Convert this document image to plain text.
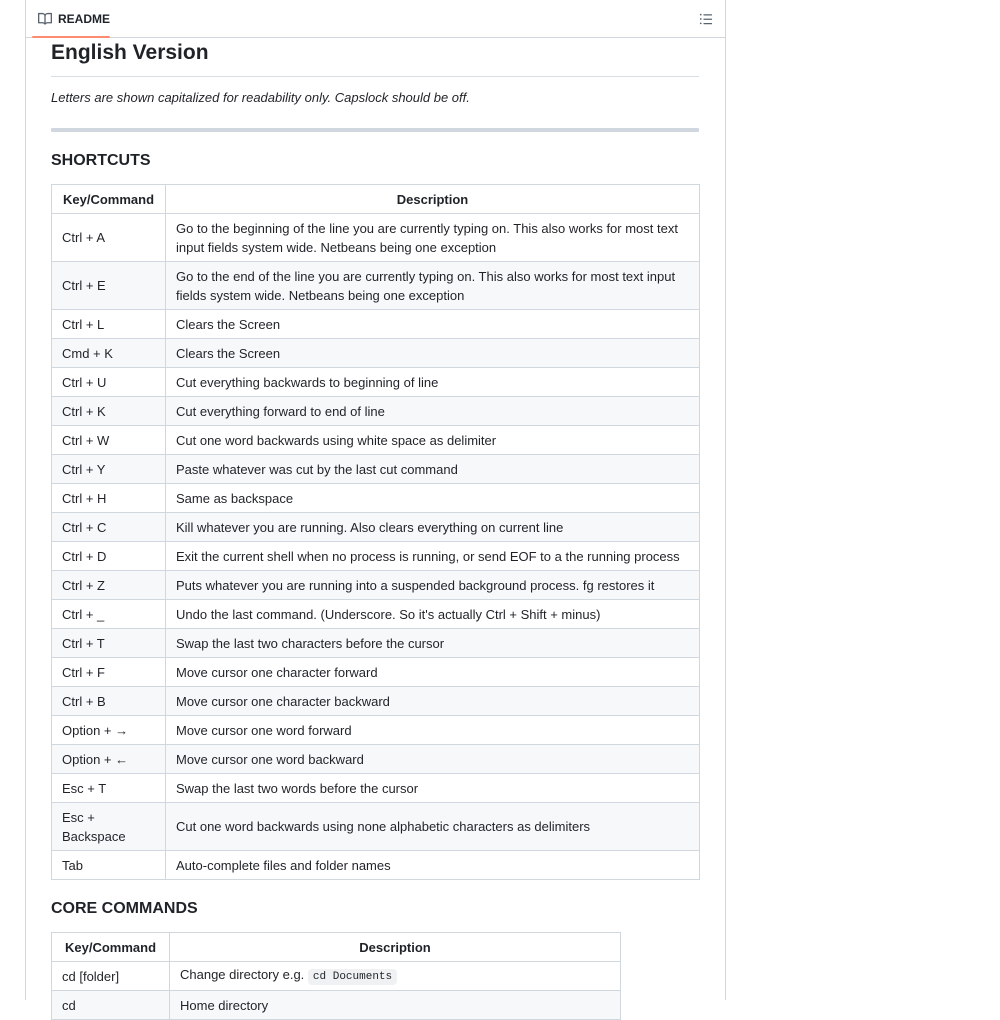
README
English Version

Letters are shown capitalized for readability only. Capslock should be off.

SHORTCUTS
Key/Command	Description
Ctrl + A	Go to the beginning of the line you are currently typing on. This also works for most text input fields system wide. Netbeans being one exception
Ctrl + E	Go to the end of the line you are currently typing on. This also works for most text input fields system wide. Netbeans being one exception
Ctrl + L	Clears the Screen
Cmd + K	Clears the Screen
Ctrl + U	Cut everything backwards to beginning of line
Ctrl + K	Cut everything forward to end of line
Ctrl + W	Cut one word backwards using white space as delimiter
Ctrl + Y	Paste whatever was cut by the last cut command
Ctrl + H	Same as backspace
Ctrl + C	Kill whatever you are running. Also clears everything on current line
Ctrl + D	Exit the current shell when no process is running, or send EOF to a the running process
Ctrl + Z	Puts whatever you are running into a suspended background process. fg restores it
Ctrl + _	Undo the last command. (Underscore. So it's actually Ctrl + Shift + minus)
Ctrl + T	Swap the last two characters before the cursor
Ctrl + F	Move cursor one character forward
Ctrl + B	Move cursor one character backward
Option + →	Move cursor one word forward
Option + ←	Move cursor one word backward
Esc + T	Swap the last two words before the cursor
Esc + Backspace	Cut one word backwards using none alphabetic characters as delimiters
Tab	Auto-complete files and folder names
CORE COMMANDS
Key/Command	Description
cd [folder]	Change directory e.g. cd Documents
cd	Home directory
